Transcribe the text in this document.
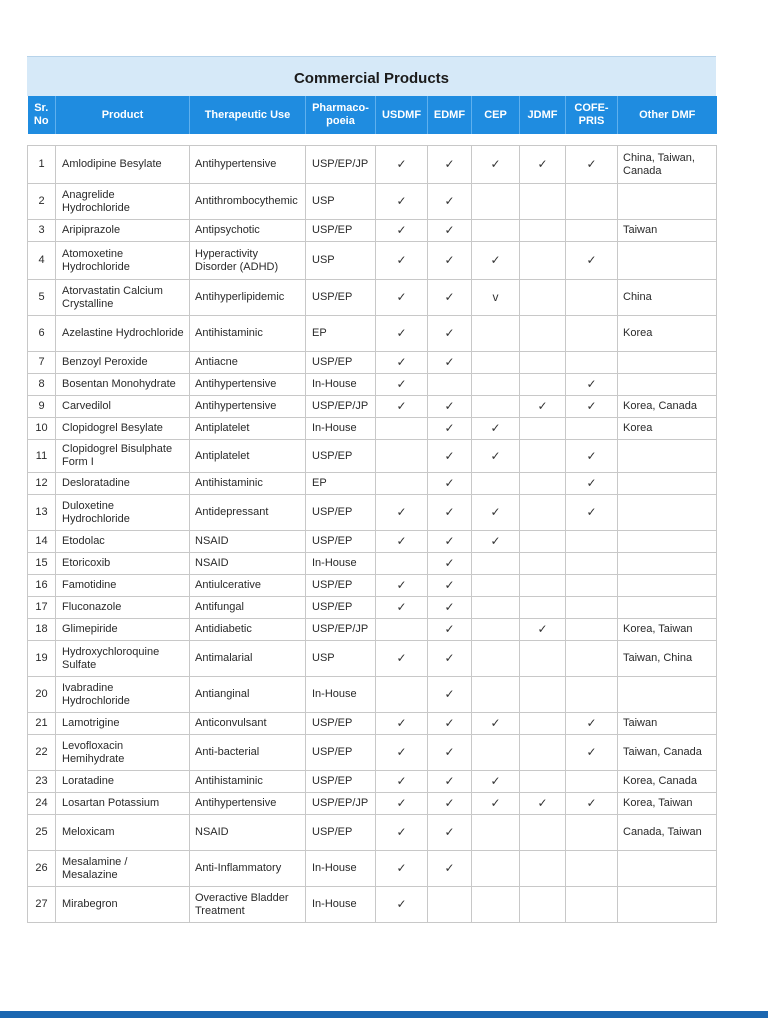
Commercial Products
Sr. No	Product	Therapeutic Use	Pharmaco-poeia	USDMF	EDMF	CEP	JDMF	COFE-PRIS	Other DMF

1	Amlodipine Besylate	Antihypertensive	USP/EP/JP	✓	✓	✓	✓	✓	China, Taiwan, Canada
2	Anagrelide Hydrochloride	Antithrombocythemic	USP	✓	✓				
3	Aripiprazole	Antipsychotic	USP/EP	✓	✓				Taiwan
4	Atomoxetine Hydrochloride	Hyperactivity Disorder (ADHD)	USP	✓	✓	✓		✓	
5	Atorvastatin Calcium Crystalline	Antihyperlipidemic	USP/EP	✓	✓	v			China
6	Azelastine Hydrochloride	Antihistaminic	EP	✓	✓				Korea
7	Benzoyl Peroxide	Antiacne	USP/EP	✓	✓				
8	Bosentan Monohydrate	Antihypertensive	In-House	✓				✓	
9	Carvedilol	Antihypertensive	USP/EP/JP	✓	✓		✓	✓	Korea, Canada
10	Clopidogrel Besylate	Antiplatelet	In-House		✓	✓			Korea
11	Clopidogrel Bisulphate Form I	Antiplatelet	USP/EP		✓	✓		✓	
12	Desloratadine	Antihistaminic	EP		✓			✓	
13	Duloxetine Hydrochloride	Antidepressant	USP/EP	✓	✓	✓		✓	
14	Etodolac	NSAID	USP/EP	✓	✓	✓			
15	Etoricoxib	NSAID	In-House		✓				
16	Famotidine	Antiulcerative	USP/EP	✓	✓				
17	Fluconazole	Antifungal	USP/EP	✓	✓				
18	Glimepiride	Antidiabetic	USP/EP/JP		✓		✓		Korea, Taiwan
19	Hydroxychloroquine Sulfate	Antimalarial	USP	✓	✓				Taiwan, China
20	Ivabradine Hydrochloride	Antianginal	In-House		✓				
21	Lamotrigine	Anticonvulsant	USP/EP	✓	✓	✓		✓	Taiwan
22	Levofloxacin Hemihydrate	Anti-bacterial	USP/EP	✓	✓			✓	Taiwan, Canada
23	Loratadine	Antihistaminic	USP/EP	✓	✓	✓			Korea, Canada
24	Losartan Potassium	Antihypertensive	USP/EP/JP	✓	✓	✓	✓	✓	Korea, Taiwan
25	Meloxicam	NSAID	USP/EP	✓	✓				Canada, Taiwan
26	Mesalamine / Mesalazine	Anti-Inflammatory	In-House	✓	✓				
27	Mirabegron	Overactive Bladder Treatment	In-House	✓					
